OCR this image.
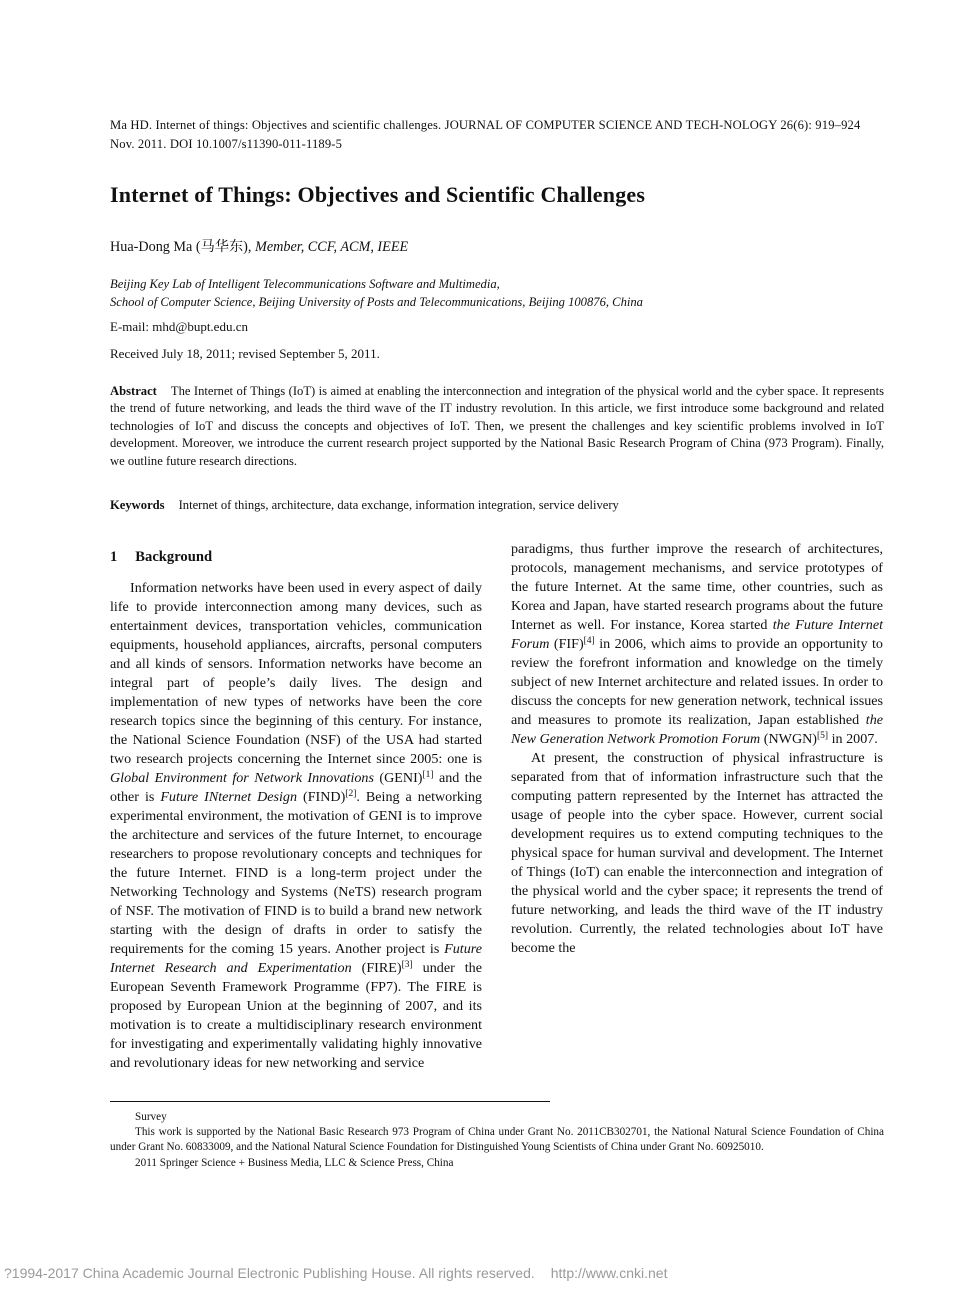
Ma HD. Internet of things: Objectives and scientific challenges. JOURNAL OF COMPUTER SCIENCE AND TECH-NOLOGY 26(6): 919–924 Nov. 2011. DOI 10.1007/s11390-011-1189-5
Internet of Things: Objectives and Scientific Challenges
Hua-Dong Ma (马华东), Member, CCF, ACM, IEEE
Beijing Key Lab of Intelligent Telecommunications Software and Multimedia,
School of Computer Science, Beijing University of Posts and Telecommunications, Beijing 100876, China
E-mail: mhd@bupt.edu.cn
Received July 18, 2011; revised September 5, 2011.
Abstract The Internet of Things (IoT) is aimed at enabling the interconnection and integration of the physical world and the cyber space. It represents the trend of future networking, and leads the third wave of the IT industry revolution. In this article, we first introduce some background and related technologies of IoT and discuss the concepts and objectives of IoT. Then, we present the challenges and key scientific problems involved in IoT development. Moreover, we introduce the current research project supported by the National Basic Research Program of China (973 Program). Finally, we outline future research directions.
Keywords Internet of things, architecture, data exchange, information integration, service delivery
1 Background

Information networks have been used in every aspect of daily life to provide interconnection among many devices, such as entertainment devices, transportation vehicles, communication equipments, household appliances, aircrafts, personal computers and all kinds of sensors. Information networks have become an integral part of people’s daily lives. The design and implementation of new types of networks have been the core research topics since the beginning of this century. For instance, the National Science Foundation (NSF) of the USA had started two research projects concerning the Internet since 2005: one is Global Environment for Network Innovations (GENI)[1] and the other is Future INternet Design (FIND)[2]. Being a networking experimental environment, the motivation of GENI is to improve the architecture and services of the future Internet, to encourage researchers to propose revolutionary concepts and techniques for the future Internet. FIND is a long-term project under the Networking Technology and Systems (NeTS) research program of NSF. The motivation of FIND is to build a brand new network starting with the design of drafts in order to satisfy the requirements for the coming 15 years. Another project is Future Internet Research and Experimentation (FIRE)[3] under the European Seventh Framework Programme (FP7). The FIRE is proposed by European Union at the beginning of 2007, and its motivation is to create a multidisciplinary research environment for investigating and experimentally validating highly innovative and revolutionary ideas for new networking and service

paradigms, thus further improve the research of architectures, protocols, management mechanisms, and service prototypes of the future Internet. At the same time, other countries, such as Korea and Japan, have started research programs about the future Internet as well. For instance, Korea started the Future Internet Forum (FIF)[4] in 2006, which aims to provide an opportunity to review the forefront information and knowledge on the timely subject of new Internet architecture and related issues. In order to discuss the concepts for new generation network, technical issues and measures to promote its realization, Japan established the New Generation Network Promotion Forum (NWGN)[5] in 2007.

At present, the construction of physical infrastructure is separated from that of information infrastructure such that the computing pattern represented by the Internet has attracted the usage of people into the cyber space. However, current social development requires us to extend computing techniques to the physical space for human survival and development. The Internet of Things (IoT) can enable the interconnection and integration of the physical world and the cyber space; it represents the trend of future networking, and leads the third wave of the IT industry revolution. Currently, the related technologies about IoT have become the

Survey

This work is supported by the National Basic Research 973 Program of China under Grant No. 2011CB302701, the National Natural Science Foundation of China under Grant No. 60833009, and the National Natural Science Foundation for Distinguished Young Scientists of China under Grant No. 60925010.

2011 Springer Science + Business Media, LLC & Science Press, China

?1994-2017 China Academic Journal Electronic Publishing House. All rights reserved. http://www.cnki.net
